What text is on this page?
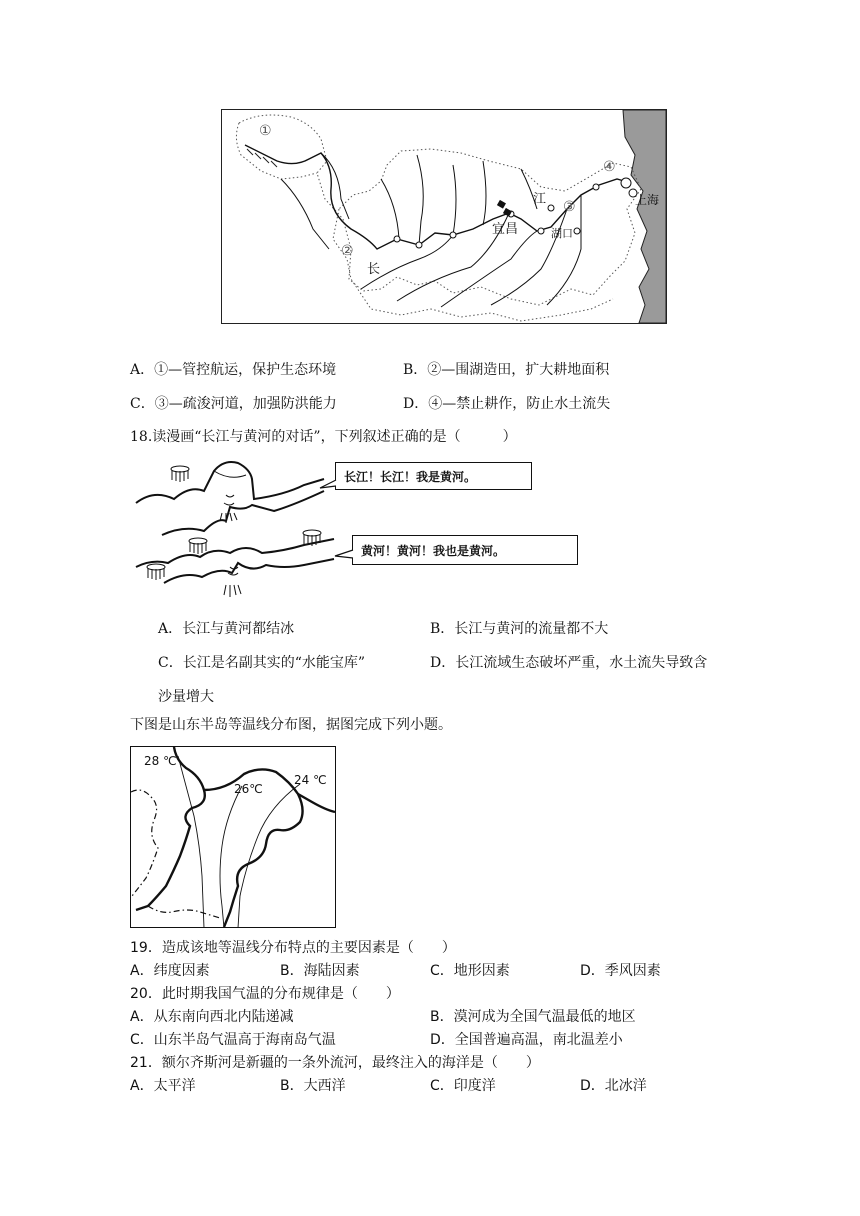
①
②
③
④
江
长
宜昌	湖口
上海
A．①—管控航运，保护生态环境	B．②—围湖造田，扩大耕地面积
C．③—疏浚河道，加强防洪能力	D．④—禁止耕作，防止水土流失
18.读漫画“长江与黄河的对话”，下列叙述正确的是（　　　）
长江！长江！我是黄河。
黄河！黄河！我也是黄河。
A．长江与黄河都结冰	B．长江与黄河的流量都不大
C．长江是名副其实的“水能宝库”	D．长江流域生态破坏严重，水土流失导致含
沙量增大
下图是山东半岛等温线分布图，据图完成下列小题。
28 ℃
26℃
24 ℃
19．造成该地等温线分布特点的主要因素是（　　）
A．纬度因素	B．海陆因素	C．地形因素	D．季风因素
20．此时期我国气温的分布规律是（　　）
A．从东南向西北内陆递减	B．漠河成为全国气温最低的地区
C．山东半岛气温高于海南岛气温	D．全国普遍高温，南北温差小
21．额尔齐斯河是新疆的一条外流河，最终注入的海洋是（　　）
A．太平洋	B．大西洋	C．印度洋	D．北冰洋
